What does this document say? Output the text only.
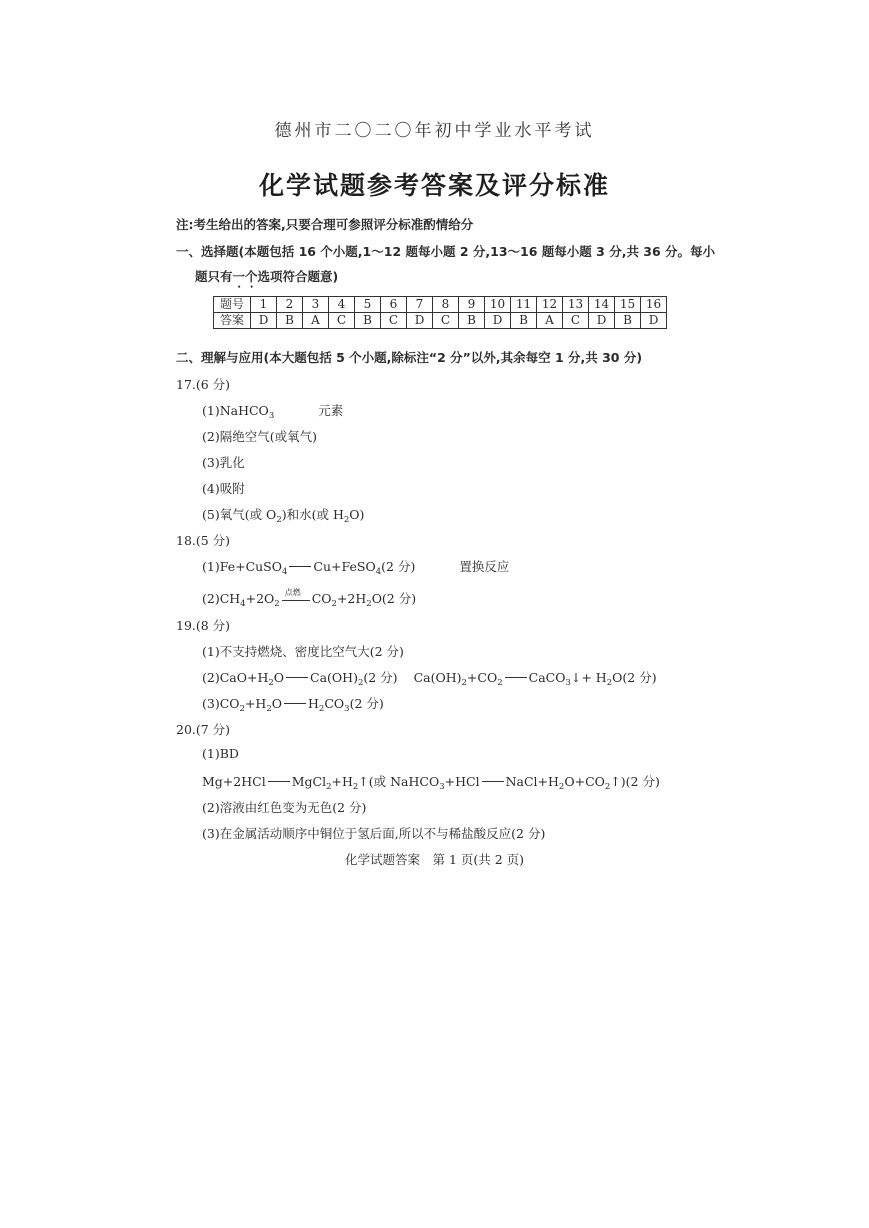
德州市二〇二〇年初中学业水平考试
化学试题参考答案及评分标准
注:考生给出的答案,只要合理可参照评分标准酌情给分
一、选择题(本题包括 16 个小题,1～12 题每小题 2 分,13～16 题每小题 3 分,共 36 分。每小
题只有一个选项符合题意)
题号	1	2	3	4	5	6	7	8	9	10	11	12	13	14	15	16
答案	D	B	A	C	B	C	D	C	B	D	B	A	C	D	B	D
二、理解与应用(本大题包括 5 个小题,除标注“2 分”以外,其余每空 1 分,共 30 分)
17.(6 分)
(1)NaHCO$_3$	元素
(2)隔绝空气(或氧气)
(3)乳化
(4)吸附
(5)氧气(或 $O_2$)和水(或 $H_2O$)
18.(5 分)
(1)Fe+CuSO$_4$ Cu+FeSO$_4$(2 分)	置换反应
$(2)CH_4+2O_2$
点燃 $CO_2+2H_2O(2$ 分)
19.(8 分)
(1)不支持燃烧、密度比空气大(2 分)
$(2)CaO+H_2O$ $Ca(OH)_2(2$ 分) $Ca(OH)_2+CO_2$ CaCO$_3$↓+ $H_2O(2$ 分)
$(3)CO_2+H_2O$ $H_2CO_3(2$ 分)
20.(7 分)
(1)BD
Mg+2HCl $MgCl_2+H_2↑$(或 NaHCO$_3$+HCl $NaCl+H_2O+CO_2↑)(2$ 分)
(2)溶液由红色变为无色(2 分)
(3)在金属活动顺序中铜位于氢后面,所以不与稀盐酸反应(2 分)
化学试题答案　第 1 页(共 2 页)
